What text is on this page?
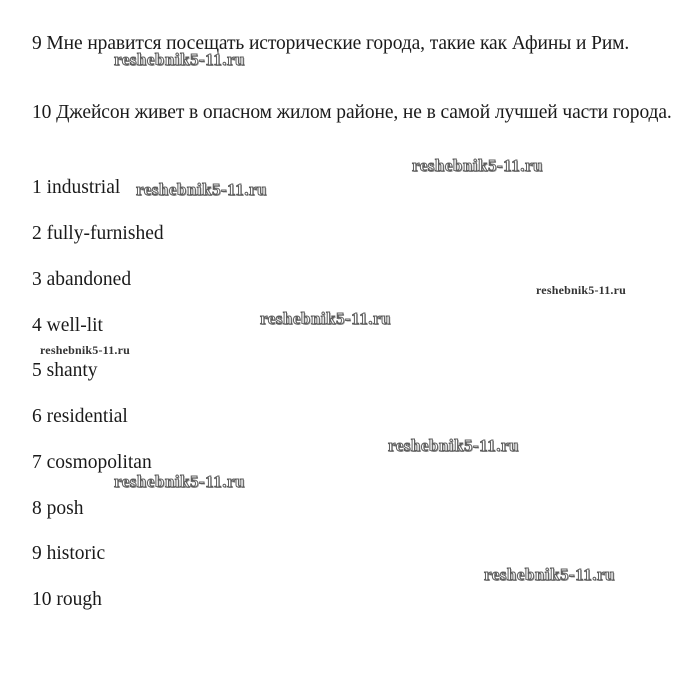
9 Мне нравится посещать исторические города, такие как Афины и Рим.

10 Джейсон живет в опасном жилом районе, не в самой лучшей части города.

1 industrial

2 fully-furnished

3 abandoned

4 well-lit

5 shanty

6 residential

7 cosmopolitan

8 posh

9 historic

10 rough

reshebnik5-11.ru
reshebnik5-11.ru
reshebnik5-11.ru
reshebnik5-11.ru
reshebnik5-11.ru
reshebnik5-11.ru
reshebnik5-11.ru
reshebnik5-11.ru
reshebnik5-11.ru
